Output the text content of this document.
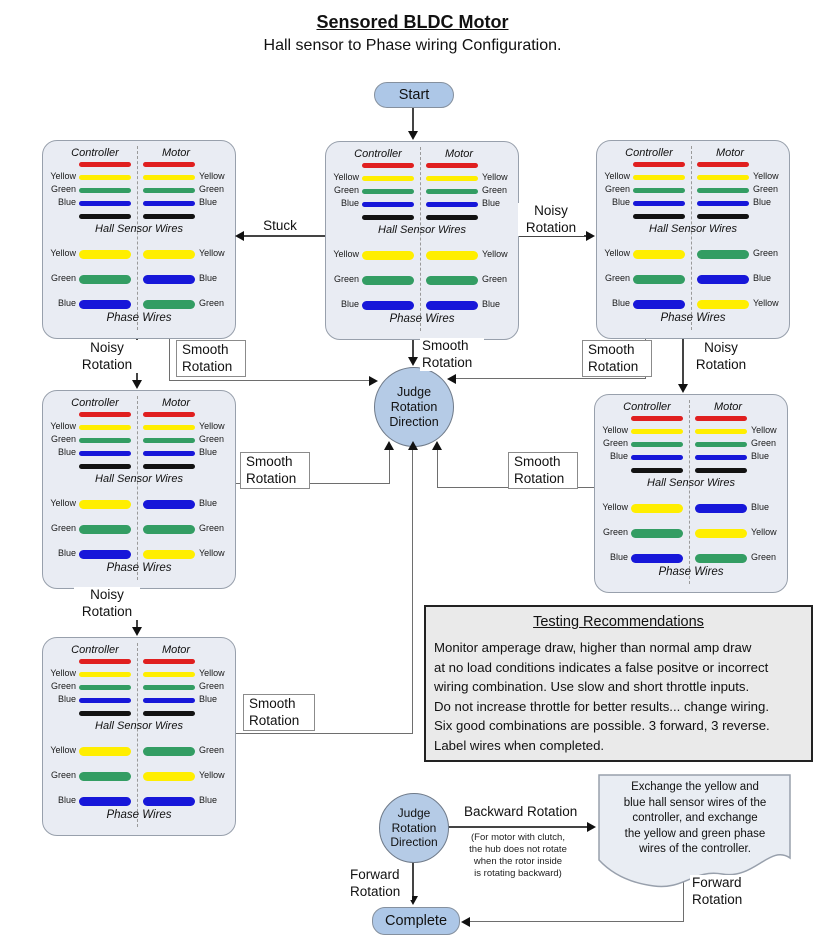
Sensored BLDC Motor
Hall sensor to Phase wiring Configuration.
Start
Controller	Motor
Yellow	Yellow
Green	Green
Blue	Blue
Hall Sensor Wires
Yellow	Yellow
Green	Blue
Blue	Green
Phase Wires
Controller	Motor
Yellow	Yellow
Green	Green
Blue	Blue
Hall Sensor Wires
Yellow	Yellow
Green	Green
Blue	Blue
Phase Wires
Controller	Motor
Yellow	Yellow
Green	Green
Blue	Blue
Hall Sensor Wires
Yellow	Green
Green	Blue
Blue	Yellow
Phase Wires
Controller	Motor
Yellow	Yellow
Green	Green
Blue	Blue
Hall Sensor Wires
Yellow	Blue
Green	Green
Blue	Yellow
Phase Wires
Controller	Motor
Yellow	Yellow
Green	Green
Blue	Blue
Hall Sensor Wires
Yellow	Blue
Green	Yellow
Blue	Green
Phase Wires
Controller	Motor
Yellow	Yellow
Green	Green
Blue	Blue
Hall Sensor Wires
Yellow	Green
Green	Yellow
Blue	Blue
Phase Wires
Judge
Rotation
Direction
Judge
Rotation
Direction
Complete
Stuck
Noisy Rotation
Smooth Rotation
Noisy Rotation
Smooth Rotation
Smooth Rotation
Noisy Rotation
Smooth Rotation
Smooth Rotation
Noisy Rotation
Smooth Rotation
Backward Rotation
Forward Rotation
Forward Rotation
(For motor with clutch,
the hub does not rotate
when the rotor inside
is rotating backward)
Testing Recommendations
Monitor amperage draw, higher than normal amp draw
at no load conditions indicates a false positve or incorrect
wiring combination. Use slow and short throttle inputs.
Do not increase throttle for better results... change wiring.
Six good combinations are possible. 3 forward, 3 reverse.
Label wires when completed.
Exchange the yellow and
blue hall sensor wires of the
controller, and exchange
the yellow and green phase
wires of the controller.
